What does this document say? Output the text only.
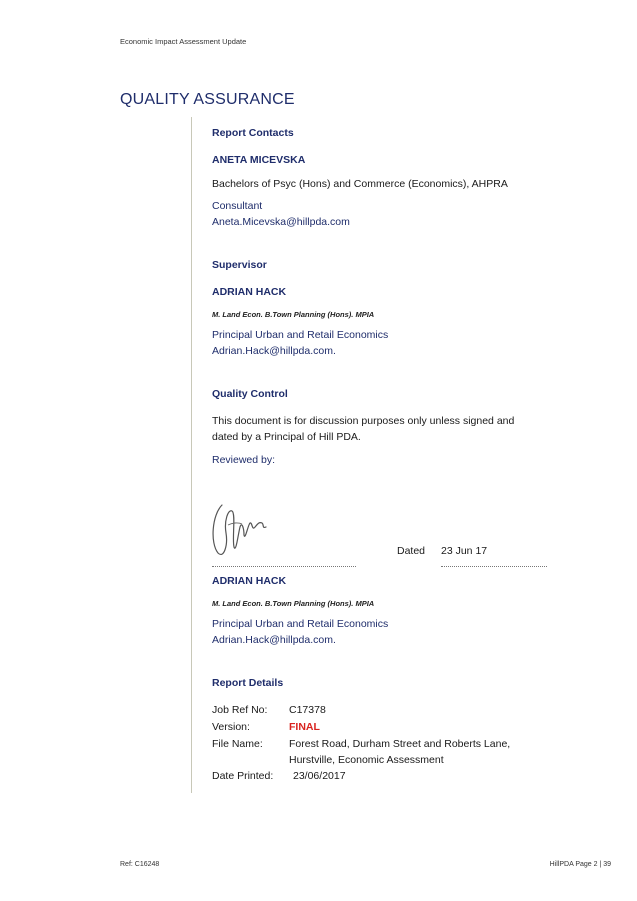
Economic Impact Assessment Update
QUALITY ASSURANCE
Report Contacts
ANETA MICEVSKA
Bachelors of Psyc (Hons) and Commerce (Economics), AHPRA
Consultant
Aneta.Micevska@hillpda.com
Supervisor
ADRIAN HACK
M. Land Econ. B.Town Planning (Hons). MPIA
Principal Urban and Retail Economics
Adrian.Hack@hillpda.com.
Quality Control
This document is for discussion purposes only unless signed and
dated by a Principal of Hill PDA.
Reviewed by:
Dated 23 Jun 17
ADRIAN HACK
M. Land Econ. B.Town Planning (Hons). MPIA
Principal Urban and Retail Economics
Adrian.Hack@hillpda.com.
Report Details
Job Ref No: C17378
Version:	FINAL
File Name: Forest Road, Durham Street and Roberts Lane,
Hurstville, Economic Assessment
Date Printed: 23/06/2017
Ref: C16248	HillPDA Page 2 | 39
